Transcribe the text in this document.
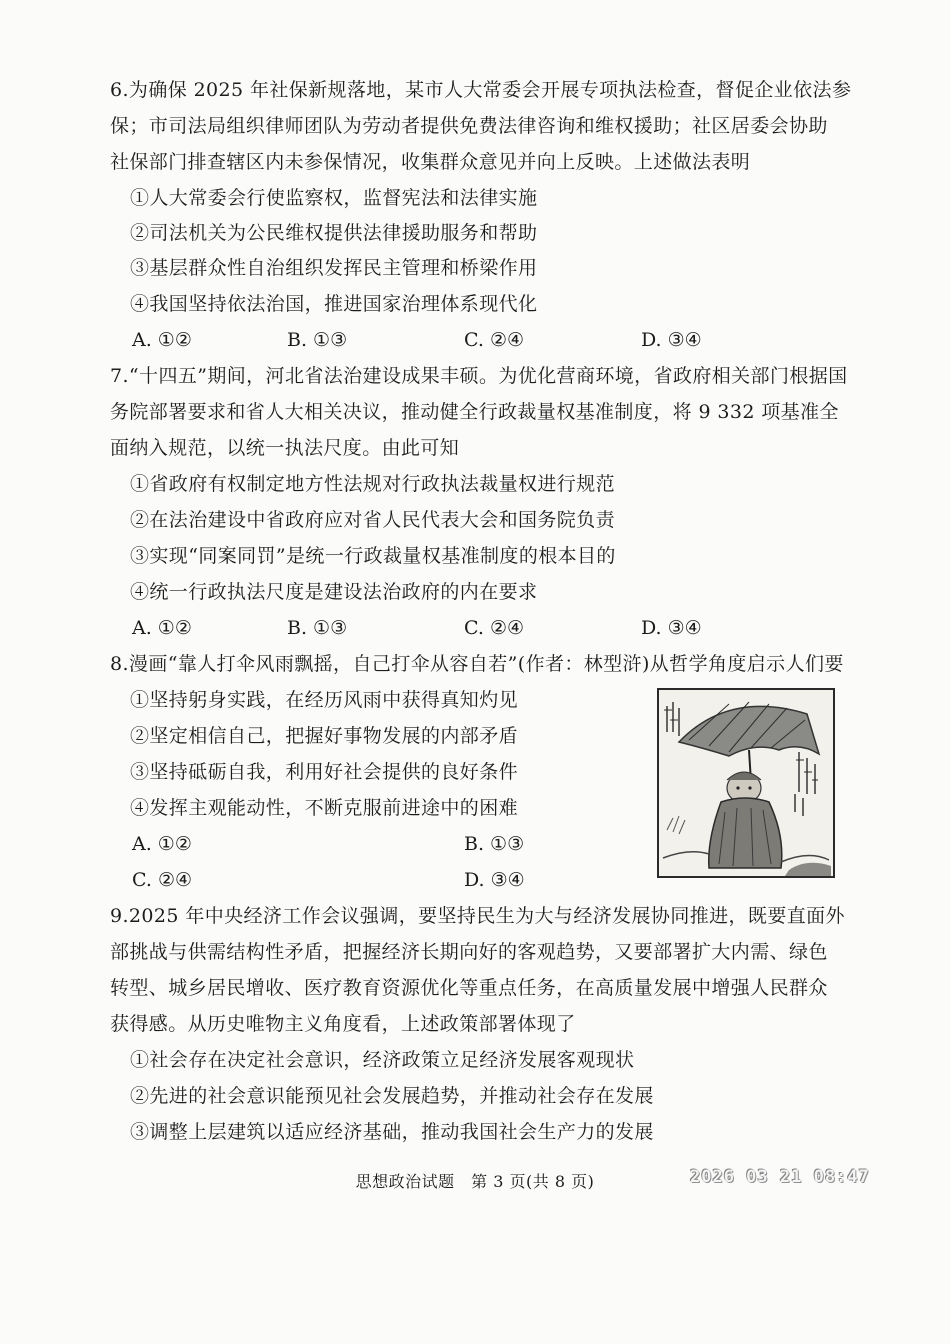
6.为确保 2025 年社保新规落地，某市人大常委会开展专项执法检查，督促企业依法参
保；市司法局组织律师团队为劳动者提供免费法律咨询和维权援助；社区居委会协助
社保部门排查辖区内未参保情况，收集群众意见并向上反映。上述做法表明
①人大常委会行使监察权，监督宪法和法律实施
②司法机关为公民维权提供法律援助服务和帮助
③基层群众性自治组织发挥民主管理和桥梁作用
④我国坚持依法治国，推进国家治理体系现代化
A. ①②	B. ①③	C. ②④	D. ③④
7.“十四五”期间，河北省法治建设成果丰硕。为优化营商环境，省政府相关部门根据国
务院部署要求和省人大相关决议，推动健全行政裁量权基准制度，将 9 332 项基准全
面纳入规范，以统一执法尺度。由此可知
①省政府有权制定地方性法规对行政执法裁量权进行规范
②在法治建设中省政府应对省人民代表大会和国务院负责
③实现“同案同罚”是统一行政裁量权基准制度的根本目的
④统一行政执法尺度是建设法治政府的内在要求
A. ①②	B. ①③	C. ②④	D. ③④
8.漫画“靠人打伞风雨飘摇，自己打伞从容自若”(作者：林型浒)从哲学角度启示人们要
①坚持躬身实践，在经历风雨中获得真知灼见
②坚定相信自己，把握好事物发展的内部矛盾
③坚持砥砺自我，利用好社会提供的良好条件
④发挥主观能动性，不断克服前进途中的困难
A. ①②	B. ①③
C. ②④	D. ③④
9.2025 年中央经济工作会议强调，要坚持民生为大与经济发展协同推进，既要直面外
部挑战与供需结构性矛盾，把握经济长期向好的客观趋势，又要部署扩大内需、绿色
转型、城乡居民增收、医疗教育资源优化等重点任务，在高质量发展中增强人民群众
获得感。从历史唯物主义角度看，上述政策部署体现了
①社会存在决定社会意识，经济政策立足经济发展客观现状
②先进的社会意识能预见社会发展趋势，并推动社会存在发展
③调整上层建筑以适应经济基础，推动我国社会生产力的发展
思想政治试题　第 3 页(共 8 页)	2026 03 21 08:47
